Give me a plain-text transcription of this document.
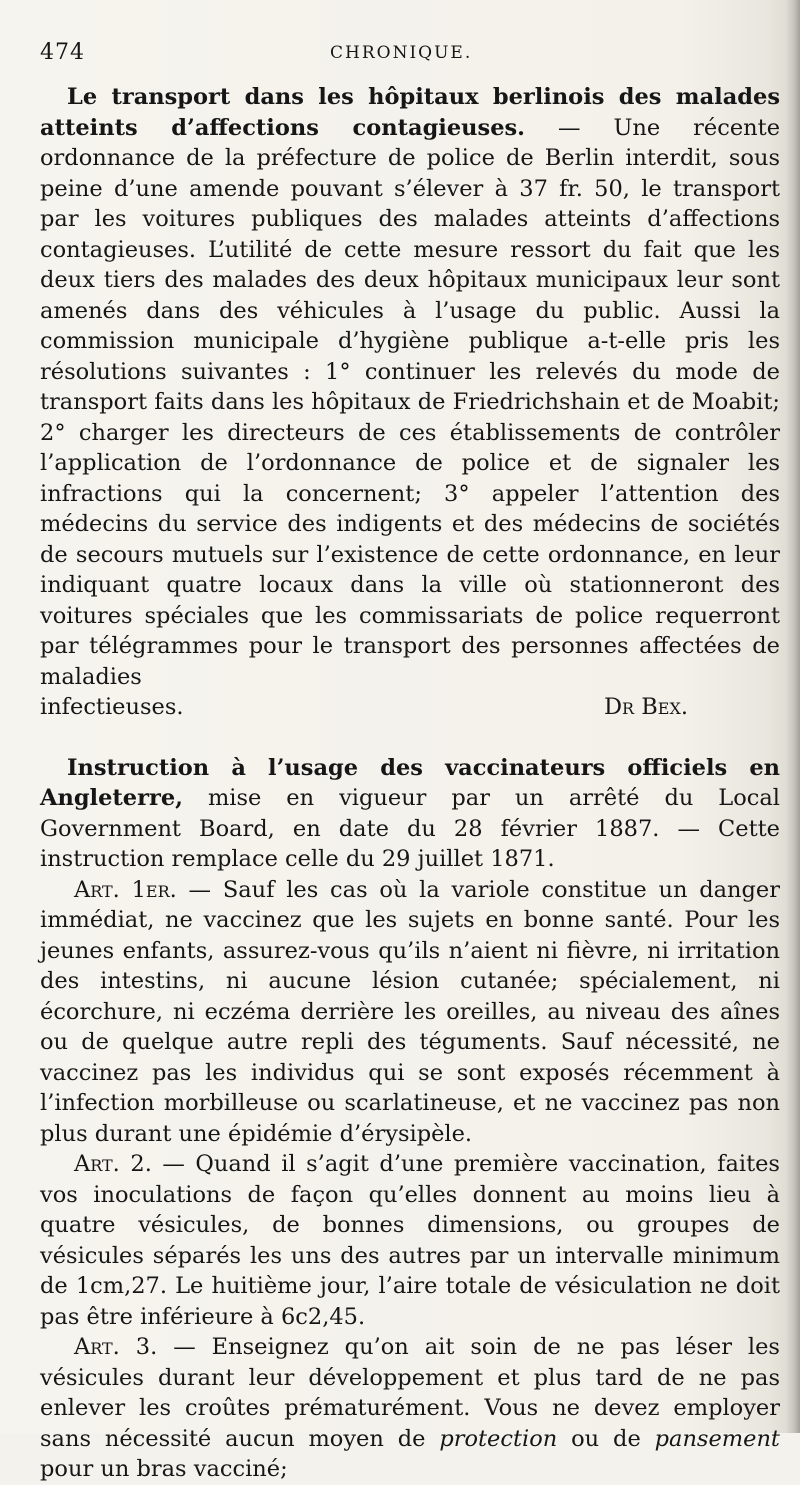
474	CHRONIQUE.

Le transport dans les hôpitaux berlinois des malades atteints d’affections contagieuses. — Une récente ordonnance de la préfecture de police de Berlin interdit, sous peine d’une amende pouvant s’élever à 37 fr. 50, le transport par les voitures publiques des malades atteints d’affections contagieuses. L’utilité de cette mesure ressort du fait que les deux tiers des malades des deux hôpitaux municipaux leur sont amenés dans des véhicules à l’usage du public. Aussi la commission municipale d’hygiène publique a-t-elle pris les résolutions suivantes : 1° continuer les relevés du mode de transport faits dans les hôpitaux de Friedrichshain et de Moabit; 2° charger les directeurs de ces établissements de contrôler l’application de l’ordonnance de police et de signaler les infractions qui la concernent; 3° appeler l’attention des médecins du service des indigents et des médecins de sociétés de secours mutuels sur l’existence de cette ordonnance, en leur indiquant quatre locaux dans la ville où stationneront des voitures spéciales que les commissariats de police requerront par télégrammes pour le transport des personnes affectées de maladies

infectieuses.	Dr Bex.

Instruction à l’usage des vaccinateurs officiels en Angleterre, mise en vigueur par un arrêté du Local Government Board, en date du 28 février 1887. — Cette instruction remplace celle du 29 juillet 1871.

Art. 1er. — Sauf les cas où la variole constitue un danger immédiat, ne vaccinez que les sujets en bonne santé. Pour les jeunes enfants, assurez-vous qu’ils n’aient ni fièvre, ni irritation des intestins, ni aucune lésion cutanée; spécialement, ni écorchure, ni eczéma derrière les oreilles, au niveau des aînes ou de quelque autre repli des téguments. Sauf nécessité, ne vaccinez pas les individus qui se sont exposés récemment à l’infection morbilleuse ou scarlatineuse, et ne vaccinez pas non plus durant une épidémie d’érysipèle.

Art. 2. — Quand il s’agit d’une première vaccination, faites vos inoculations de façon qu’elles donnent au moins lieu à quatre vésicules, de bonnes dimensions, ou groupes de vésicules séparés les uns des autres par un intervalle minimum de 1cm,27. Le huitième jour, l’aire totale de vésiculation ne doit pas être inférieure à 6c2,45.

Art. 3. — Enseignez qu’on ait soin de ne pas léser les vésicules durant leur développement et plus tard de ne pas enlever les croûtes prématurément. Vous ne devez employer sans nécessité aucun moyen de protection ou de pansement pour un bras vacciné;
